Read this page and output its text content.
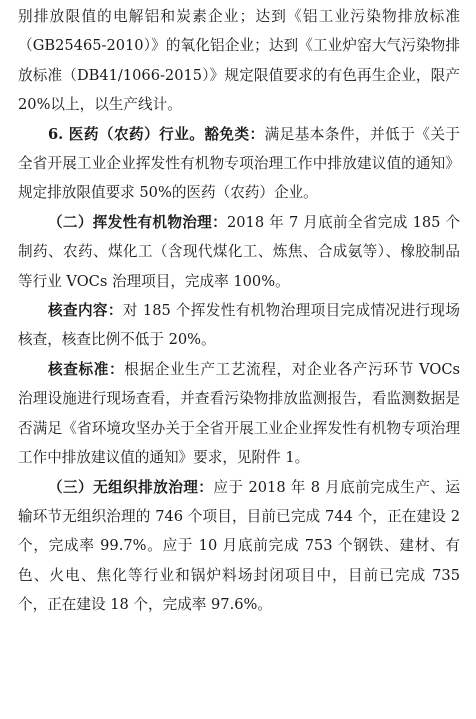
别排放限值的电解铝和炭素企业；达到《铝工业污染物排放标准（GB25465-2010）》的氧化铝企业；达到《工业炉窑大气污染物排放标准（DB41/1066-2015）》规定限值要求的有色再生企业，限产 20%以上，以生产线计。

6. 医药（农药）行业。豁免类：满足基本条件，并低于《关于全省开展工业企业挥发性有机物专项治理工作中排放建议值的通知》规定排放限值要求 50%的医药（农药）企业。

（二）挥发性有机物治理：2018 年 7 月底前全省完成 185 个制药、农药、煤化工（含现代煤化工、炼焦、合成氨等）、橡胶制品等行业 VOCs 治理项目，完成率 100%。

核查内容：对 185 个挥发性有机物治理项目完成情况进行现场核查，核查比例不低于 20%。

核查标准：根据企业生产工艺流程，对企业各产污环节 VOCs 治理设施进行现场查看，并查看污染物排放监测报告，看监测数据是否满足《省环境攻坚办关于全省开展工业企业挥发性有机物专项治理工作中排放建议值的通知》要求，见附件 1。

（三）无组织排放治理：应于 2018 年 8 月底前完成生产、运输环节无组织治理的 746 个项目，目前已完成 744 个，正在建设 2 个，完成率 99.7%。应于 10 月底前完成 753 个钢铁、建材、有色、火电、焦化等行业和锅炉料场封闭项目中，目前已完成 735 个，正在建设 18 个，完成率 97.6%。
